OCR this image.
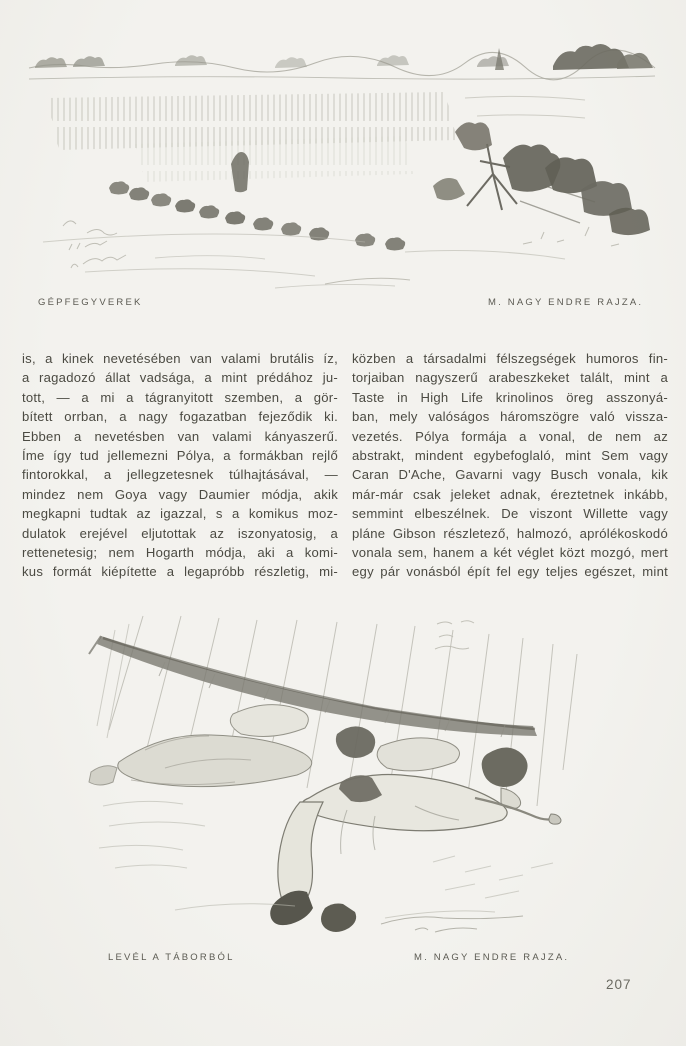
GÉPFEGYVEREK	M. NAGY ENDRE RAJZA.
is, a kinek nevetésében van valami brutális íz,
a ragadozó állat vadsága, a mint prédához ju-
tott, — a mi a tágranyitott szemben, a gör-
bített orrban, a nagy fogazatban fejeződik ki.
Ebben a nevetésben van valami kányaszerű.
Íme így tud jellemezni Pólya, a formákban rejlő
fintorokkal, a jellegzetesnek túlhajtásával, —
mindez nem Goya vagy Daumier módja, akik
megkapni tudtak az igazzal, s a komikus moz-
dulatok erejével eljutottak az iszonyatosig, a
rettenetesig; nem Hogarth módja, aki a komi-
kus formát kiépítette a legapróbb részletig, mi-
közben a társadalmi félszegségek humoros fin-
torjaiban nagyszerű arabeszkeket talált, mint a
Taste in High Life krinolinos öreg asszonyá-
ban, mely valóságos háromszögre való vissza-
vezetés. Pólya formája a vonal, de nem az
abstrakt, mindent egybefoglaló, mint Sem vagy
Caran D'Ache, Gavarni vagy Busch vonala, kik
már-már csak jeleket adnak, éreztetnek inkább,
semmint elbeszélnek. De viszont Willette vagy
pláne Gibson részletező, halmozó, aprólékoskodó
vonala sem, hanem a két véglet közt mozgó, mert
egy pár vonásból épít fel egy teljes egészet, mint
LEVÉL A TÁBORBÓL	M. NAGY ENDRE RAJZA.
207
